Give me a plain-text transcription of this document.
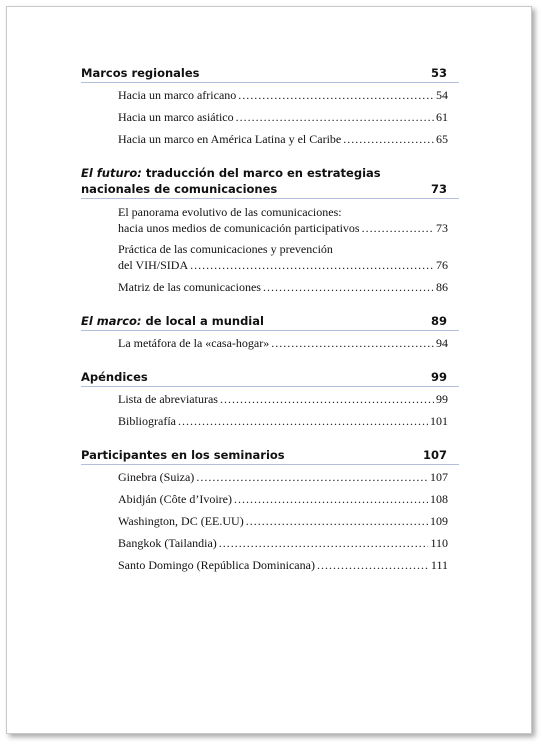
Marcos regionales	53
Hacia un marco africano .....	54
Hacia un marco asiático .....	61
Hacia un marco en América Latina y el Caribe .....	65
El futuro: traducción del marco en estrategias
nacionales de comunicaciones	73
El panorama evolutivo de las comunicaciones:
hacia unos medios de comunicación participativos .....	73
Práctica de las comunicaciones y prevención
del VIH/SIDA .....	76
Matriz de las comunicaciones .....	86
El marco: de local a mundial	89
La metáfora de la «casa-hogar» .....	94
Apéndices	99
Lista de abreviaturas .....	99
Bibliografía .....	101
Participantes en los seminarios	107
Ginebra (Suiza) .....	107
Abidján (Côte d’Ivoire) .....	108
Washington, DC (EE.UU) .....	109
Bangkok (Tailandia) .....	110
Santo Domingo (República Dominicana) .....	111
